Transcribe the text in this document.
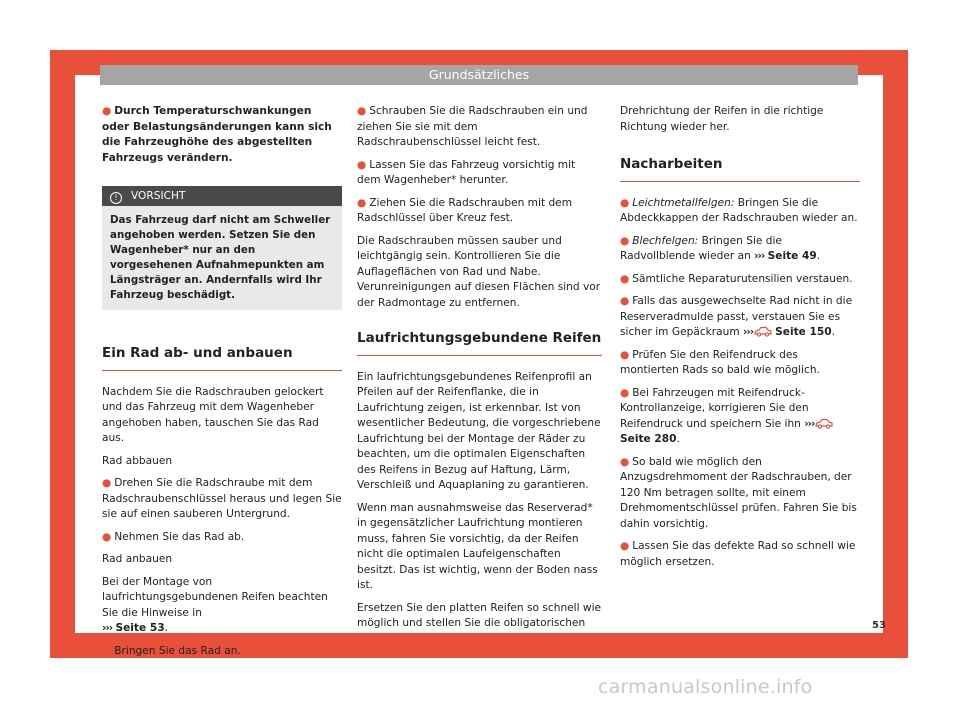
Grundsätzliches

● Durch Temperaturschwankungen oder Belastungsänderungen kann sich die Fahrzeughöhe des abgestellten Fahrzeugs verändern.

! VORSICHT
Das Fahrzeug darf nicht am Schweller angehoben werden. Setzen Sie den Wagenheber* nur an den vorgesehenen Aufnahmepunkten am Längsträger an. Andernfalls wird Ihr Fahrzeug beschädigt.
Ein Rad ab- und anbauen

Nachdem Sie die Radschrauben gelockert und das Fahrzeug mit dem Wagenheber angehoben haben, tauschen Sie das Rad aus.

Rad abbauen

● Drehen Sie die Radschraube mit dem Radschraubenschlüssel heraus und legen Sie sie auf einen sauberen Untergrund.

● Nehmen Sie das Rad ab.

Rad anbauen

Bei der Montage von laufrichtungsgebundenen Reifen beachten Sie die Hinweise in
››› Seite 53.

● Bringen Sie das Rad an.

● Schrauben Sie die Radschrauben ein und ziehen Sie sie mit dem Radschraubenschlüssel leicht fest.

● Lassen Sie das Fahrzeug vorsichtig mit dem Wagenheber* herunter.

● Ziehen Sie die Radschrauben mit dem Radschlüssel über Kreuz fest.

Die Radschrauben müssen sauber und leichtgängig sein. Kontrollieren Sie die Auflageflächen von Rad und Nabe. Verunreinigungen auf diesen Flächen sind vor der Radmontage zu entfernen.

Laufrichtungsgebundene Reifen

Ein laufrichtungsgebundenes Reifenprofil an Pfeilen auf der Reifenflanke, die in Laufrichtung zeigen, ist erkennbar. Ist von wesentlicher Bedeutung, die vorgeschriebene Laufrichtung bei der Montage der Räder zu beachten, um die optimalen Eigenschaften des Reifens in Bezug auf Haftung, Lärm, Verschleiß und Aquaplaning zu garantieren.

Wenn man ausnahmsweise das Reserverad* in gegensätzlicher Laufrichtung montieren muss, fahren Sie vorsichtig, da der Reifen nicht die optimalen Laufeigenschaften besitzt. Das ist wichtig, wenn der Boden nass ist.

Ersetzen Sie den platten Reifen so schnell wie möglich und stellen Sie die obligatorischen

Drehrichtung der Reifen in die richtige Richtung wieder her.

Nacharbeiten

● Leichtmetallfelgen: Bringen Sie die Abdeckkappen der Radschrauben wieder an.

● Blechfelgen: Bringen Sie die Radvollblende wieder an ››› Seite 49.

● Sämtliche Reparaturutensilien verstauen.

● Falls das ausgewechselte Rad nicht in die Reserveradmulde passt, verstauen Sie es sicher im Gepäckraum ››› Seite 150.

● Prüfen Sie den Reifendruck des montierten Rads so bald wie möglich.

● Bei Fahrzeugen mit Reifendruck-Kontrollanzeige, korrigieren Sie den Reifendruck und speichern Sie ihn ›››Seite 280.

● So bald wie möglich den Anzugsdrehmoment der Radschrauben, der 120 Nm betragen sollte, mit einem Drehmomentschlüssel prüfen. Fahren Sie bis dahin vorsichtig.

● Lassen Sie das defekte Rad so schnell wie möglich ersetzen.

53
carmanualsonline.info
